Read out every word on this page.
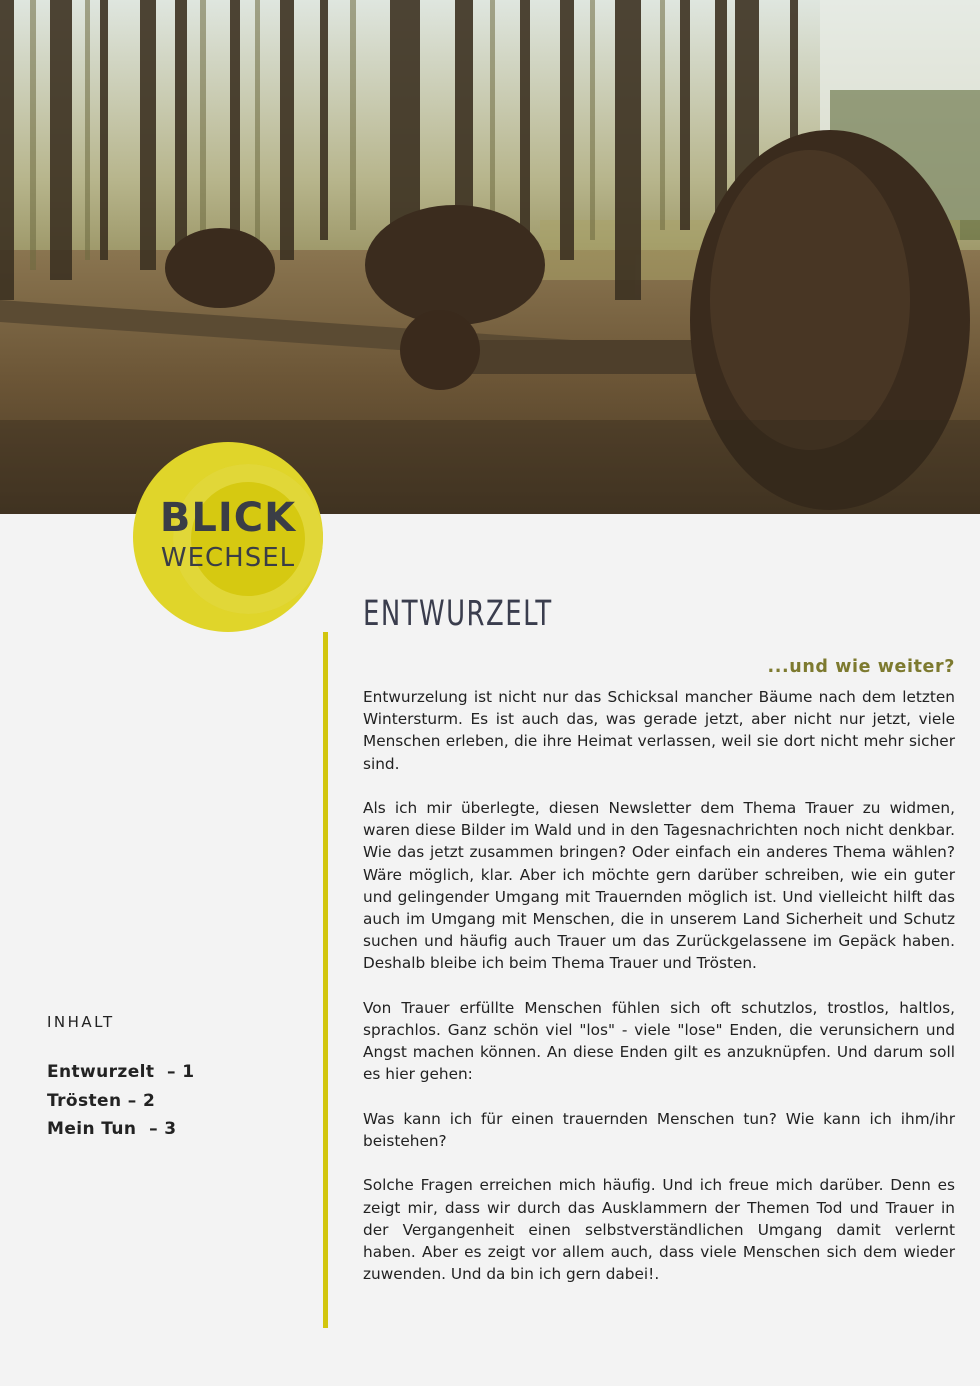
BLICK
WECHSEL
ENTWURZELT
...und wie weiter?

Entwurzelung ist nicht nur das Schicksal mancher Bäume nach dem letzten Wintersturm. Es ist auch das, was gerade jetzt, aber nicht nur jetzt, viele Menschen erleben, die ihre Heimat verlassen, weil sie dort nicht mehr sicher sind.

Als ich mir überlegte, diesen Newsletter dem Thema Trauer zu widmen, waren diese Bilder im Wald und in den Tagesnachrichten noch nicht denkbar. Wie das jetzt zusammen bringen? Oder einfach ein anderes Thema wählen? Wäre möglich, klar. Aber ich möchte gern darüber schreiben, wie ein guter und gelingender Umgang mit Trauernden möglich ist. Und vielleicht hilft das auch im Umgang mit Menschen, die in unserem Land Sicherheit und Schutz suchen und häufig auch Trauer um das Zurückgelassene im Gepäck haben. Deshalb bleibe ich beim Thema Trauer und Trösten.

Von Trauer erfüllte Menschen fühlen sich oft schutzlos, trostlos, haltlos, sprachlos. Ganz schön viel "los" - viele "lose" Enden, die verunsichern und Angst machen können. An diese Enden gilt es anzuknüpfen. Und darum soll es hier gehen:

Was kann ich für einen trauernden Menschen tun? Wie kann ich ihm/ihr beistehen?

Solche Fragen erreichen mich häufig. Und ich freue mich darüber. Denn es zeigt mir, dass wir durch das Ausklammern der Themen Tod und Trauer in der Vergangenheit einen selbstverständlichen Umgang damit verlernt haben. Aber es zeigt vor allem auch, dass viele Menschen sich dem wieder zuwenden. Und da bin ich gern dabei!.

INHALT
Entwurzelt  – 1
Trösten – 2
Mein Tun  – 3
